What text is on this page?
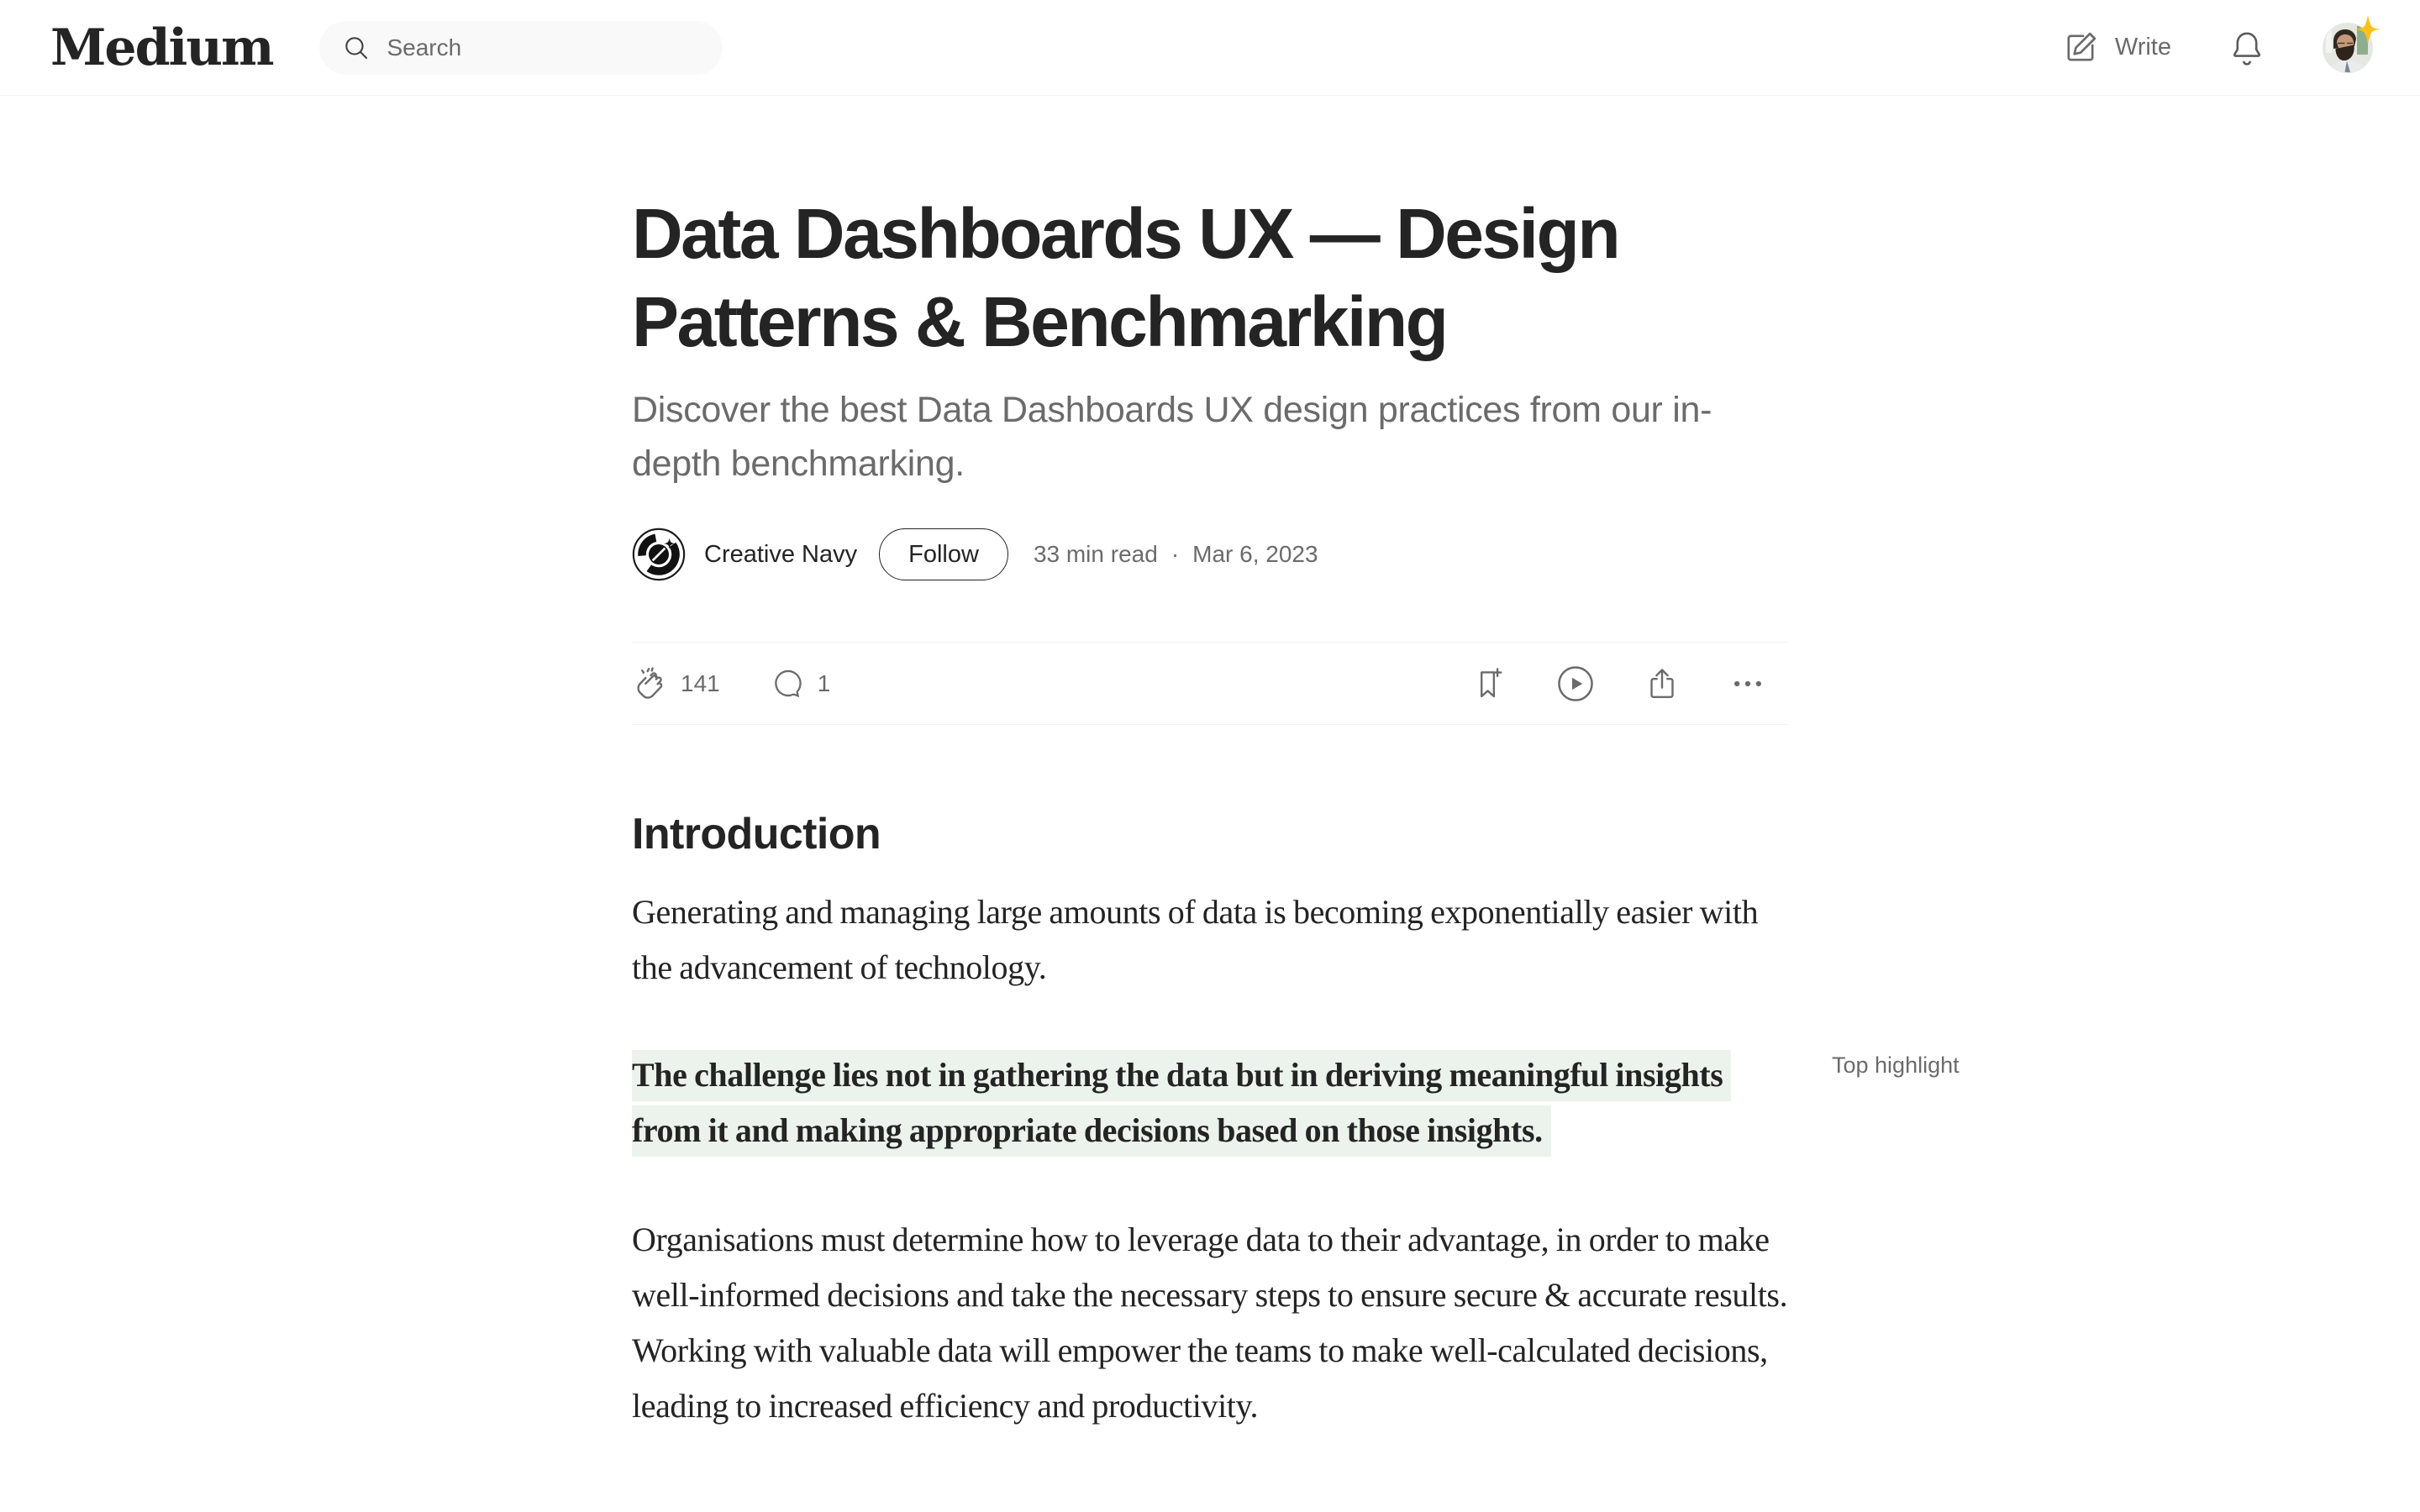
Medium
Search	Write
Data Dashboards UX — Design Patterns & Benchmarking
Discover the best Data Dashboards UX design practices from our in-depth benchmarking.
Creative Navy	Follow	33 min read · Mar 6, 2023
141	1
Introduction

Generating and managing large amounts of data is becoming exponentially easier with the advancement of technology.

The challenge lies not in gathering the data but in deriving meaningful insights from it and making appropriate decisions based on those insights.

Top highlight

Organisations must determine how to leverage data to their advantage, in order to make well-informed decisions and take the necessary steps to ensure secure & accurate results. Working with valuable data will empower the teams to make well-calculated decisions, leading to increased efficiency and productivity.
